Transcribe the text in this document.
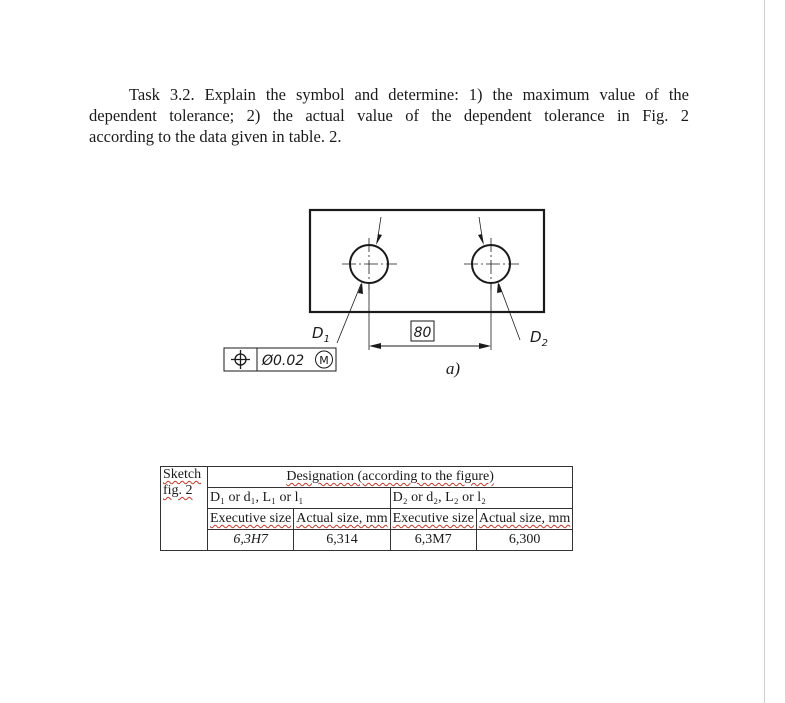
Task 3.2. Explain the symbol and determine: 1) the maximum value of the
dependent tolerance; 2) the actual value of the dependent tolerance in Fig. 2
according to the data given in table. 2.
80
$D_1$	$D_2$
Ø0.02 M	a)
Sketch
fig. 2	Designation (according to the figure)			
	D₁ or d₁, L₁ or l₁		D₂ or d₂, L₂ or l₂	
	Executive size	Actual size, mm	Executive size	Actual size, mm
	6,3H7	6,314	6,3M7	6,300
